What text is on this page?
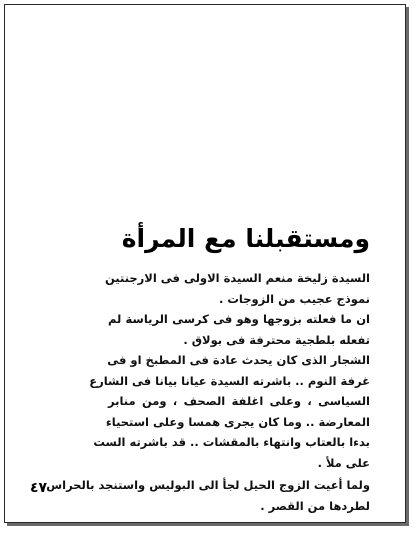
ومستقبلنا مع المرأة
السيدة زليخة منعم السيدة الاولى فى الارجنتين
نموذج عجيب من الزوجات .
ان ما فعلته بزوجها وهو فى كرسى الرياسة لم
تفعله بلطجية محترفة فى بولاق .
الشجار الذى كان يحدث عادة فى المطبخ او فى
غرفة النوم .. باشرته السيدة عيانا بيانا فى الشارع
السياسى ، وعلى اغلفة الصحف ، ومن منابر
المعارضة .. وما كان يجرى همسا وعلى استحياء
بدءا بالعتاب وانتهاء بالمقشات .. قد باشرته الست
على ملأ .
ولما أعيت الزوج الحيل لجأ الى البوليس واستنجد بالحراس
لطردها من القصر .
٤٧
